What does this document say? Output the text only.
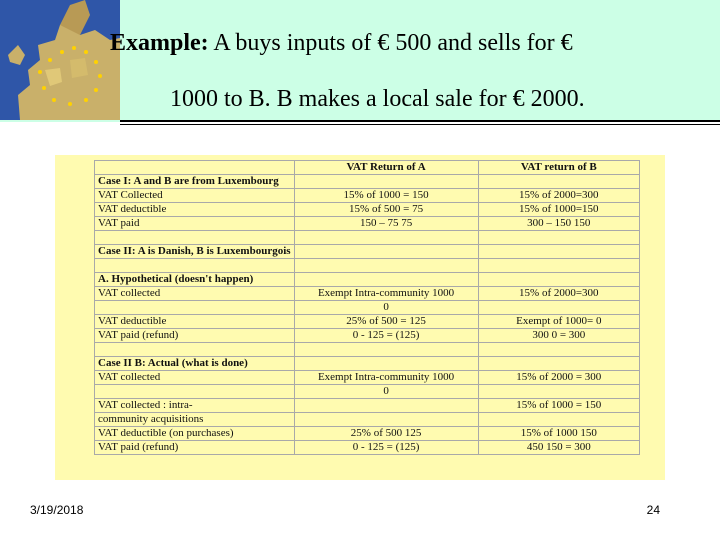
Example: A buys inputs of € 500 and sells for €
1000 to B. B makes a local sale for € 2000.
	VAT Return of A	VAT return of B
Case I: A and B are from Luxembourg		
VAT Collected	15% of 1000 = 150	15% of 2000=300
VAT deductible	15% of 500 = 75	15% of 1000=150
VAT paid	150 – 75 75	300 – 150 150

Case II: A is Danish, B is Luxembourgois		

A. Hypothetical (doesn't happen)		
VAT collected	Exempt Intra-community 1000	15% of 2000=300
	0	
VAT deductible	25% of 500 = 125	Exempt of 1000= 0
VAT paid (refund)	0 - 125 = (125)	300 0 = 300

Case II B: Actual (what is done)		
VAT collected	Exempt Intra-community 1000	15% of 2000 = 300
	0	
VAT collected : intra-		15% of 1000 = 150
community acquisitions		
VAT deductible (on purchases)	25% of 500 125	15% of 1000 150
VAT paid (refund)	0 - 125 = (125)	450 150 = 300
3/19/2018	24
